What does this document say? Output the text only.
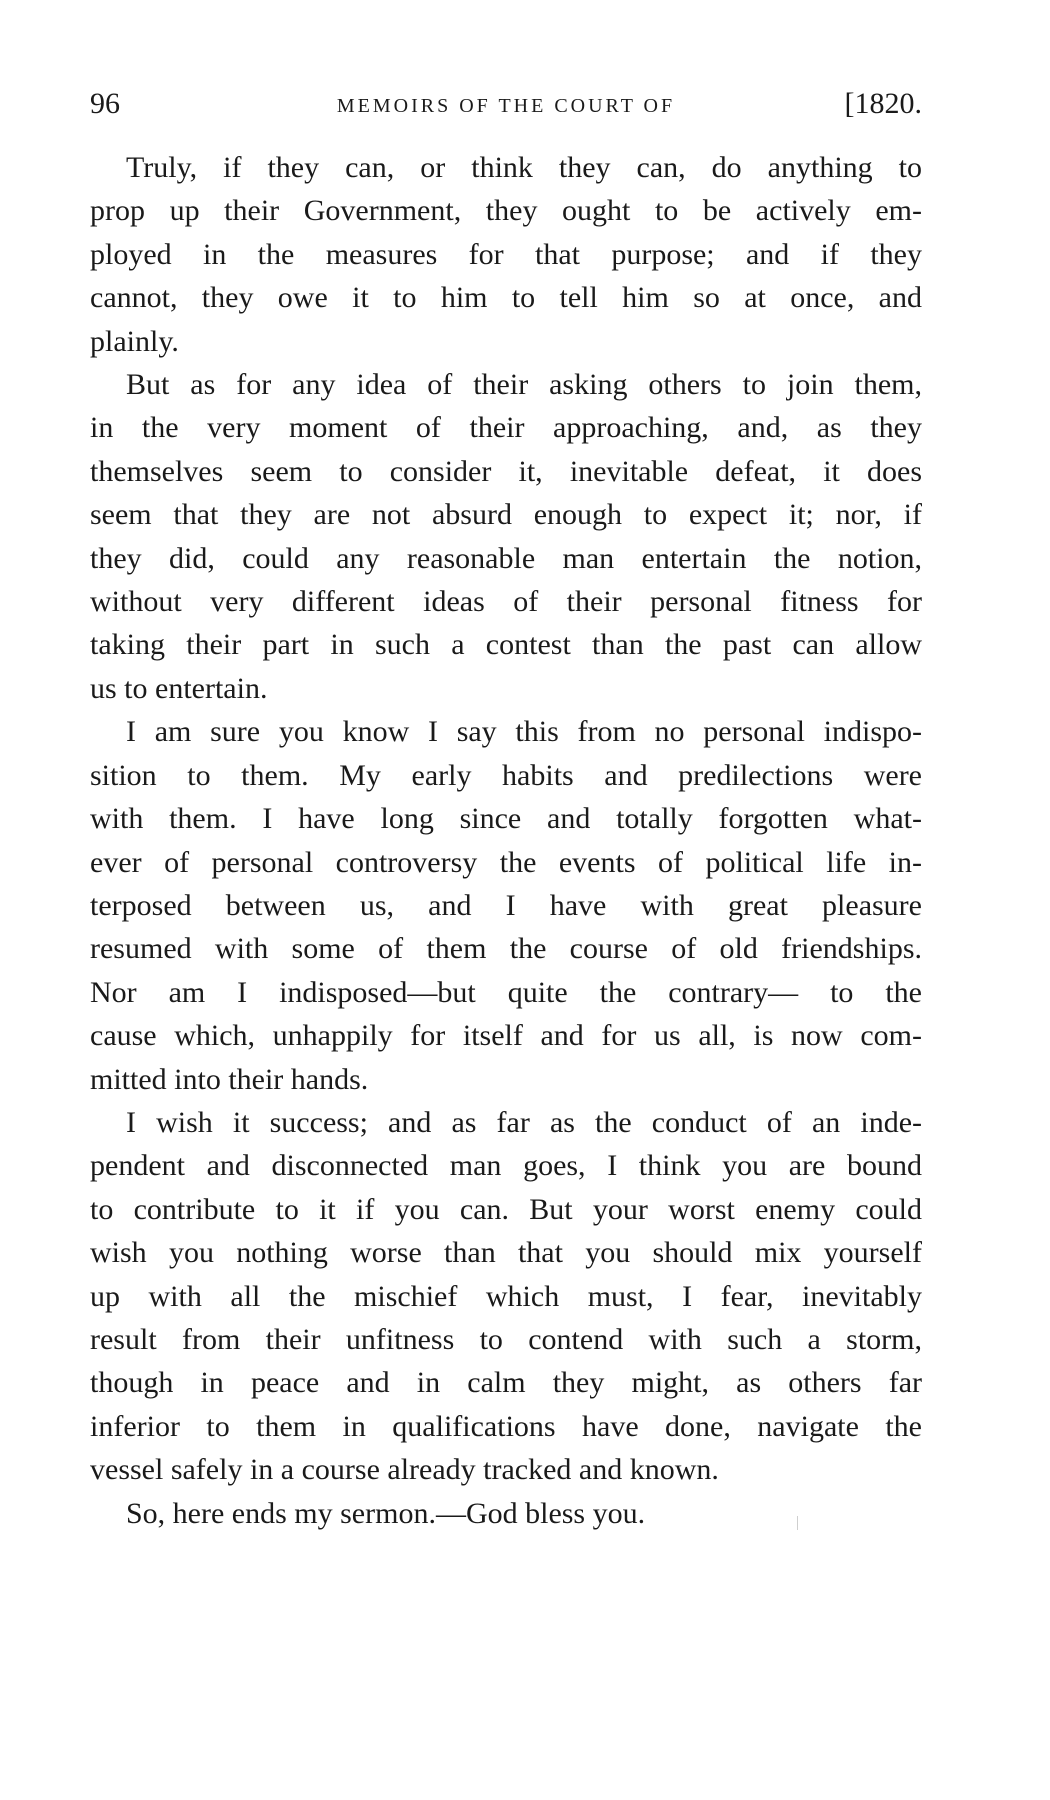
96	MEMOIRS OF THE COURT OF	[1820.
Truly, if they can, or think they can, do anything to
prop up their Government, they ought to be actively em-
ployed in the measures for that purpose; and if they
cannot, they owe it to him to tell him so at once, and
plainly.
But as for any idea of their asking others to join them,
in the very moment of their approaching, and, as they
themselves seem to consider it, inevitable defeat, it does
seem that they are not absurd enough to expect it; nor, if
they did, could any reasonable man entertain the notion,
without very different ideas of their personal fitness for
taking their part in such a contest than the past can allow
us to entertain.
I am sure you know I say this from no personal indispo-
sition to them. My early habits and predilections were
with them. I have long since and totally forgotten what-
ever of personal controversy the events of political life in-
terposed between us, and I have with great pleasure
resumed with some of them the course of old friendships.
Nor am I indisposed—but quite the contrary— to the
cause which, unhappily for itself and for us all, is now com-
mitted into their hands.
I wish it success; and as far as the conduct of an inde-
pendent and disconnected man goes, I think you are bound
to contribute to it if you can. But your worst enemy could
wish you nothing worse than that you should mix yourself
up with all the mischief which must, I fear, inevitably
result from their unfitness to contend with such a storm,
though in peace and in calm they might, as others far
inferior to them in qualifications have done, navigate the
vessel safely in a course already tracked and known.

So, here ends my sermon.—God bless you.
